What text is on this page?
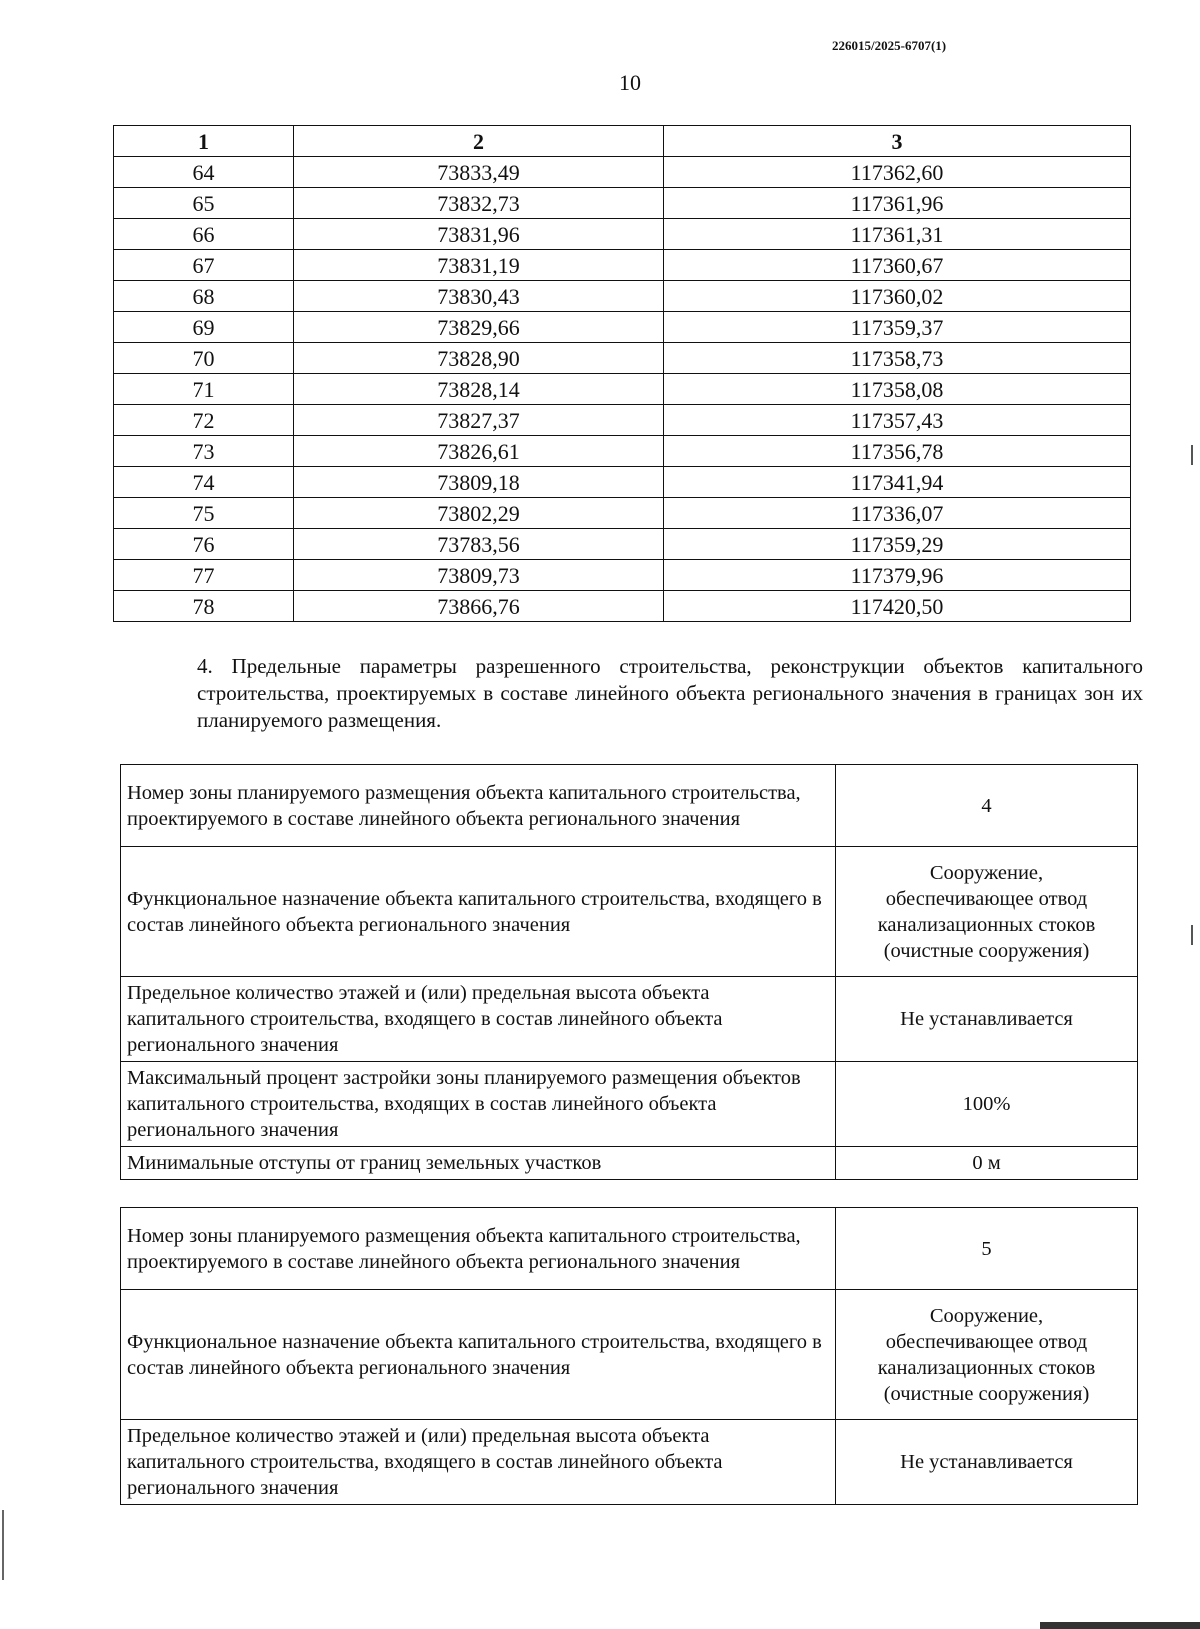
226015/2025-6707(1)
10
1	2	3
64	73833,49	117362,60
65	73832,73	117361,96
66	73831,96	117361,31
67	73831,19	117360,67
68	73830,43	117360,02
69	73829,66	117359,37
70	73828,90	117358,73
71	73828,14	117358,08
72	73827,37	117357,43
73	73826,61	117356,78
74	73809,18	117341,94
75	73802,29	117336,07
76	73783,56	117359,29
77	73809,73	117379,96
78	73866,76	117420,50
4. Предельные параметры разрешенного строительства, реконструкции объектов капитального строительства, проектируемых в составе линейного объекта регионального значения в границах зон их планируемого размещения.
Номер зоны планируемого размещения объекта капитального строительства, проектируемого в составе линейного объекта регионального значения	4
Функциональное назначение объекта капитального строительства, входящего в состав линейного объекта регионального значения	Сооружение, обеспечивающее отвод канализационных стоков (очистные сооружения)
Предельное количество этажей и (или) предельная высота объекта капитального строительства, входящего в состав линейного объекта регионального значения	Не устанавливается
Максимальный процент застройки зоны планируемого размещения объектов капитального строительства, входящих в состав линейного объекта регионального значения	100%
Минимальные отступы от границ земельных участков	0 м
Номер зоны планируемого размещения объекта капитального строительства, проектируемого в составе линейного объекта регионального значения	5
Функциональное назначение объекта капитального строительства, входящего в состав линейного объекта регионального значения	Сооружение, обеспечивающее отвод канализационных стоков (очистные сооружения)
Предельное количество этажей и (или) предельная высота объекта капитального строительства, входящего в состав линейного объекта регионального значения	Не устанавливается
